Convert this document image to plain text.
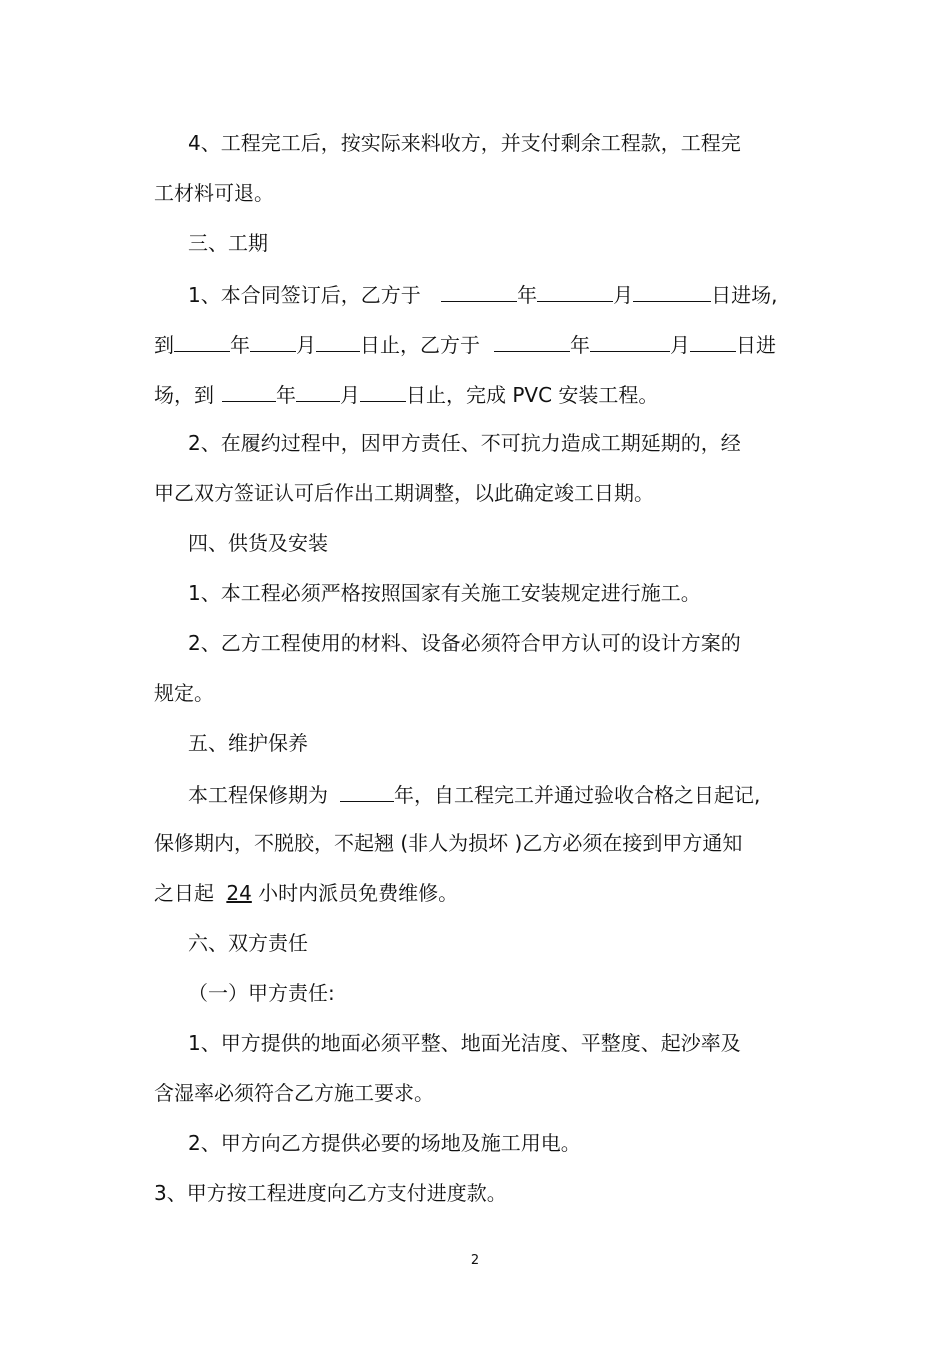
4、工程完工后，按实际来料收方，并支付剩余工程款，工程完
工材料可退。
三、工期
1、本合同签订后，乙方于	年	月	日进场,
到	年 月 日止，乙方于	年	月 日进
场，到	年 月 日止，完成 PVC 安装工程。
2、在履约过程中，因甲方责任、不可抗力造成工期延期的，经
甲乙双方签证认可后作出工期调整，以此确定竣工日期。
四、供货及安装
1、本工程必须严格按照国家有关施工安装规定进行施工。
2、乙方工程使用的材料、设备必须符合甲方认可的设计方案的
规定。
五、维护保养
本工程保修期为	年，自工程完工并通过验收合格之日起记,
保修期内，不脱胶，不起翘 (非人为损坏 )乙方必须在接到甲方通知
之日起 24 小时内派员免费维修。
六、双方责任
（一）甲方责任:
1、甲方提供的地面必须平整、地面光洁度、平整度、起沙率及
含湿率必须符合乙方施工要求。
2、甲方向乙方提供必要的场地及施工用电。
3、甲方按工程进度向乙方支付进度款。
2
